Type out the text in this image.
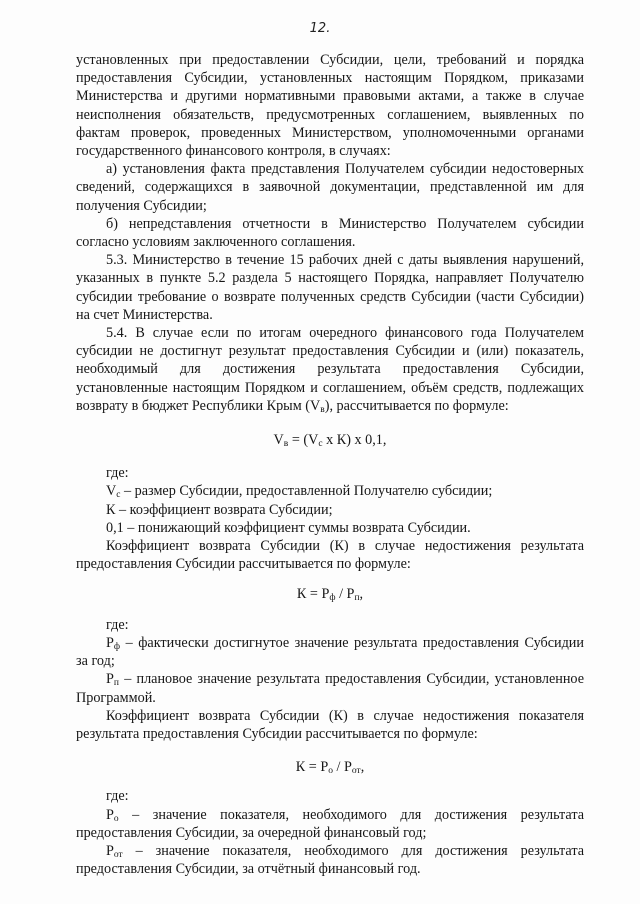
12.

установленных при предоставлении Субсидии, цели, требований и порядка предоставления Субсидии, установленных настоящим Порядком, приказами Министерства и другими нормативными правовыми актами, а также в случае неисполнения обязательств, предусмотренных соглашением, выявленных по фактам проверок, проведенных Министерством, уполномоченными органами государственного финансового контроля, в случаях:

а) установления факта представления Получателем субсидии недостоверных сведений, содержащихся в заявочной документации, представленной им для получения Субсидии;

б) непредставления отчетности в Министерство Получателем субсидии согласно условиям заключенного соглашения.

5.3. Министерство в течение 15 рабочих дней с даты выявления нарушений, указанных в пункте 5.2 раздела 5 настоящего Порядка, направляет Получателю субсидии требование о возврате полученных средств Субсидии (части Субсидии) на счет Министерства.

5.4. В случае если по итогам очередного финансового года Получателем субсидии не достигнут результат предоставления Субсидии и (или) показатель, необходимый для достижения результата предоставления Субсидии, установленные настоящим Порядком и соглашением, объём средств, подлежащих возврату в бюджет Республики Крым $(V_в)$, рассчитывается по формуле:

$V_в = (V_c$ x К) x 0,1,

где:

$V_c$ – размер Субсидии, предоставленной Получателю субсидии;

К – коэффициент возврата Субсидии;

0,1 – понижающий коэффициент суммы возврата Субсидии.

Коэффициент возврата Субсидии (К) в случае недостижения результата предоставления Субсидии рассчитывается по формуле:

$К = Р_ф / Р_п$,

где:

$Р_ф$ – фактически достигнутое значение результата предоставления Субсидии за год;

$Р_п$ – плановое значение результата предоставления Субсидии, установленное Программой.

Коэффициент возврата Субсидии (К) в случае недостижения показателя результата предоставления Субсидии рассчитывается по формуле:

$К = Р_о / Р_{от}$,

где:

$Р_о$ – значение показателя, необходимого для достижения результата предоставления Субсидии, за очередной финансовый год;

$Р_{от}$ – значение показателя, необходимого для достижения результата предоставления Субсидии, за отчётный финансовый год.
